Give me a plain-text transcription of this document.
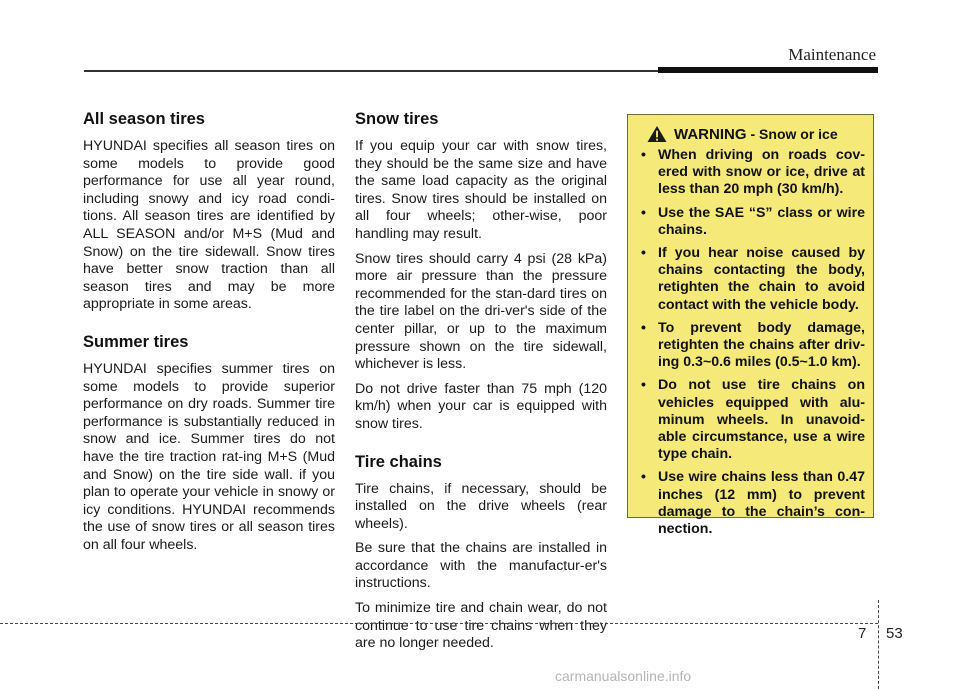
Maintenance
All season tires

HYUNDAI specifies all season tires on some models to provide good performance for use all year round, including snowy and icy road condi-tions. All season tires are identified by ALL SEASON and/or M+S (Mud and Snow) on the tire sidewall. Snow tires have better snow traction than all season tires and may be more appropriate in some areas.

Summer tires

HYUNDAI specifies summer tires on some models to provide superior performance on dry roads. Summer tire performance is substantially reduced in snow and ice. Summer tires do not have the tire traction rat-ing M+S (Mud and Snow) on the tire side wall. if you plan to operate your vehicle in snowy or icy conditions. HYUNDAI recommends the use of snow tires or all season tires on all four wheels.

Snow tires

If you equip your car with snow tires, they should be the same size and have the same load capacity as the original tires. Snow tires should be installed on all four wheels; other-wise, poor handling may result.

Snow tires should carry 4 psi (28 kPa) more air pressure than the pressure recommended for the stan-dard tires on the tire label on the dri-ver's side of the center pillar, or up to the maximum pressure shown on the tire sidewall, whichever is less.

Do not drive faster than 75 mph (120 km/h) when your car is equipped with snow tires.

Tire chains

Tire chains, if necessary, should be installed on the drive wheels (rear wheels).

Be sure that the chains are installed in accordance with the manufactur-er's instructions.

To minimize tire and chain wear, do not continue to use tire chains when they are no longer needed.

WARNING - Snow or ice
• When driving on roads cov-ered with snow or ice, drive at less than 20 mph (30 km/h).
• Use the SAE “S” class or wire chains.
• If you hear noise caused by chains contacting the body, retighten the chain to avoid contact with the vehicle body.
• To prevent body damage, retighten the chains after driv-ing 0.3~0.6 miles (0.5~1.0 km).
• Do not use tire chains on vehicles equipped with alu-minum wheels. In unavoid-able circumstance, use a wire type chain.
• Use wire chains less than 0.47 inches (12 mm) to prevent damage to the chain’s con-nection.
7 53
carmanualsonline.info
